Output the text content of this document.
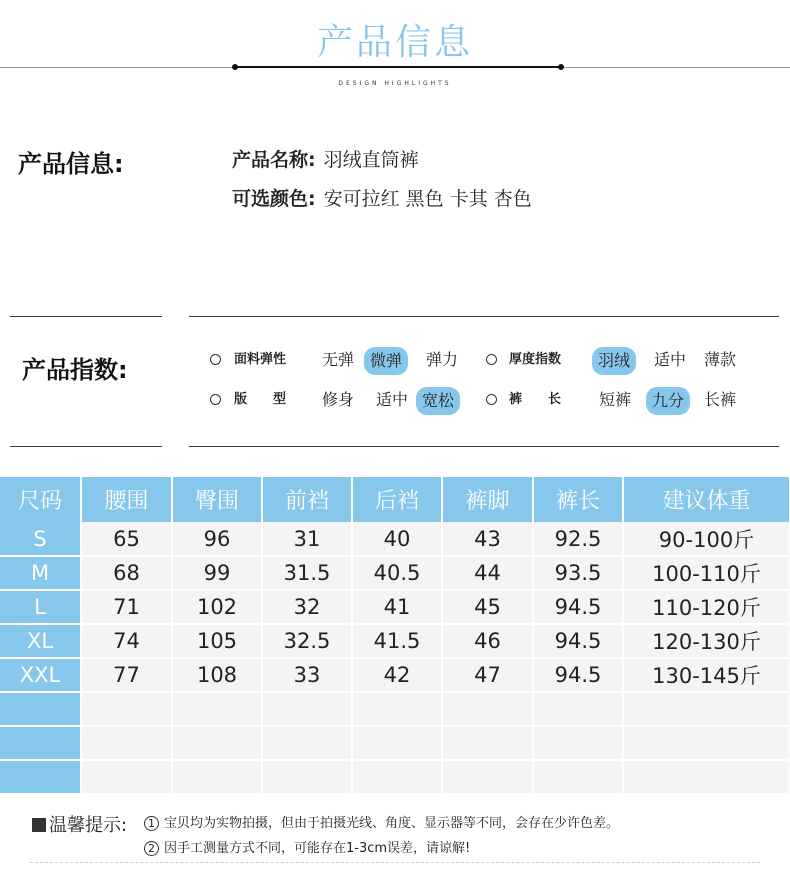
产品信息
DESIGN HIGHLIGHTS
产品信息:	产品名称: 羽绒直筒裤
可选颜色: 安可拉红 黑色 卡其 杏色
产品指数:	面料弹性 无弹 微弹	弹力	厚度指数	羽绒	适中 薄款
版　　型 修身 适中 宽松	裤　　长 短裤	九分	长裤
尺码	腰围	臀围	前裆	后裆	裤脚	裤长	建议体重
S	65	96	31	40	43	92.5	90-100斤
M	68	99	31.5	40.5	44	93.5	100-110斤
L	71	102	32	41	45	94.5	110-120斤
XL	74	105	32.5	41.5	46	94.5	120-130斤
XXL	77	108	33	42	47	94.5	130-145斤

温馨提示:	1 宝贝均为实物拍摄，但由于拍摄光线、角度、显示器等不同，会存在少许色差。
2 因手工测量方式不同，可能存在1-3cm误差，请谅解!
